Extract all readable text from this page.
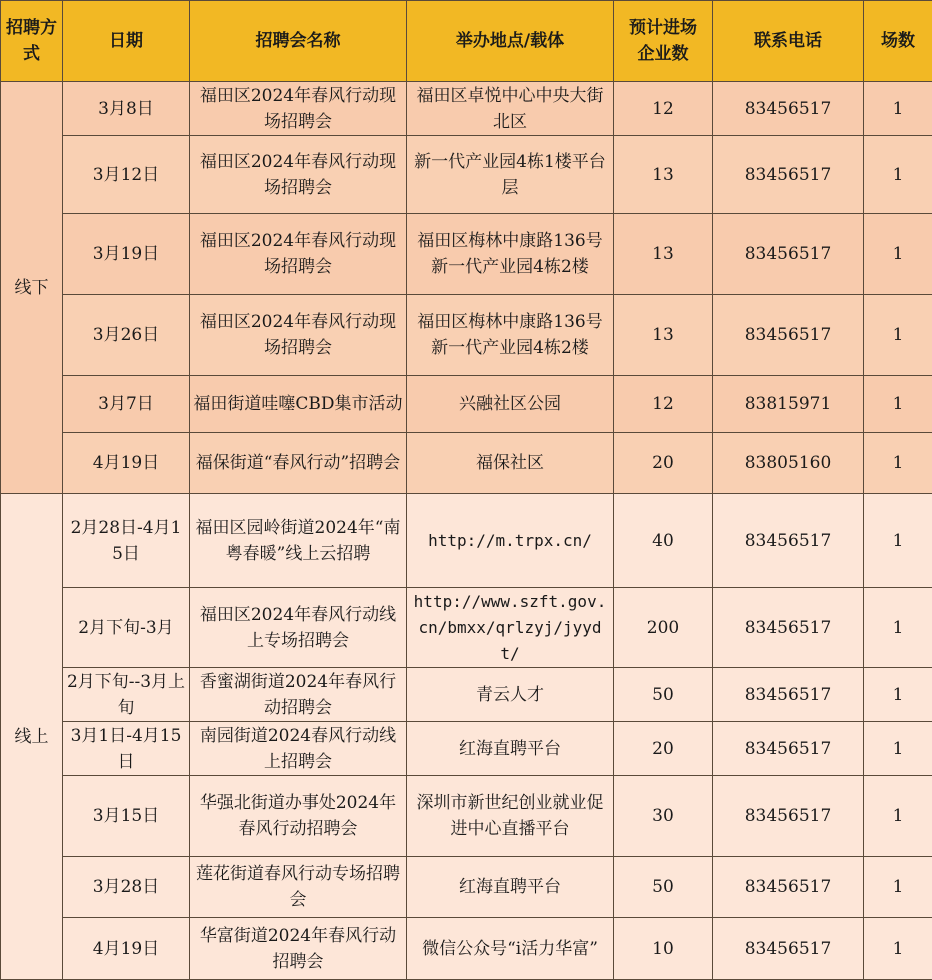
招聘方式	日期	招聘会名称	举办地点/载体	预计进场企业数	联系电话	场数
线下	3月8日	福田区2024年春风行动现场招聘会	福田区卓悦中心中央大街北区	12	83456517	1
	3月12日	福田区2024年春风行动现场招聘会	新一代产业园4栋1楼平台层	13	83456517	1
	3月19日	福田区2024年春风行动现场招聘会	福田区梅林中康路136号新一代产业园4栋2楼	13	83456517	1
	3月26日	福田区2024年春风行动现场招聘会	福田区梅林中康路136号新一代产业园4栋2楼	13	83456517	1
	3月7日	福田街道哇噻CBD集市活动	兴融社区公园	12	83815971	1
	4月19日	福保街道“春风行动”招聘会	福保社区	20	83805160	1
线上	2月28日-4月15日	福田区园岭街道2024年“南粤春暖”线上云招聘	http://m.trpx.cn/	40	83456517	1
	2月下旬-3月	福田区2024年春风行动线上专场招聘会	http://www.szft.gov.cn/bmxx/qrlzyj/jyydt/	200	83456517	1
	2月下旬--3月上旬	香蜜湖街道2024年春风行动招聘会	青云人才	50	83456517	1
	3月1日-4月15日	南园街道2024春风行动线上招聘会	红海直聘平台	20	83456517	1
	3月15日	华强北街道办事处2024年春风行动招聘会	深圳市新世纪创业就业促进中心直播平台	30	83456517	1
	3月28日	莲花街道春风行动专场招聘会	红海直聘平台	50	83456517	1
	4月19日	华富街道2024年春风行动招聘会	微信公众号“i活力华富”	10	83456517	1
